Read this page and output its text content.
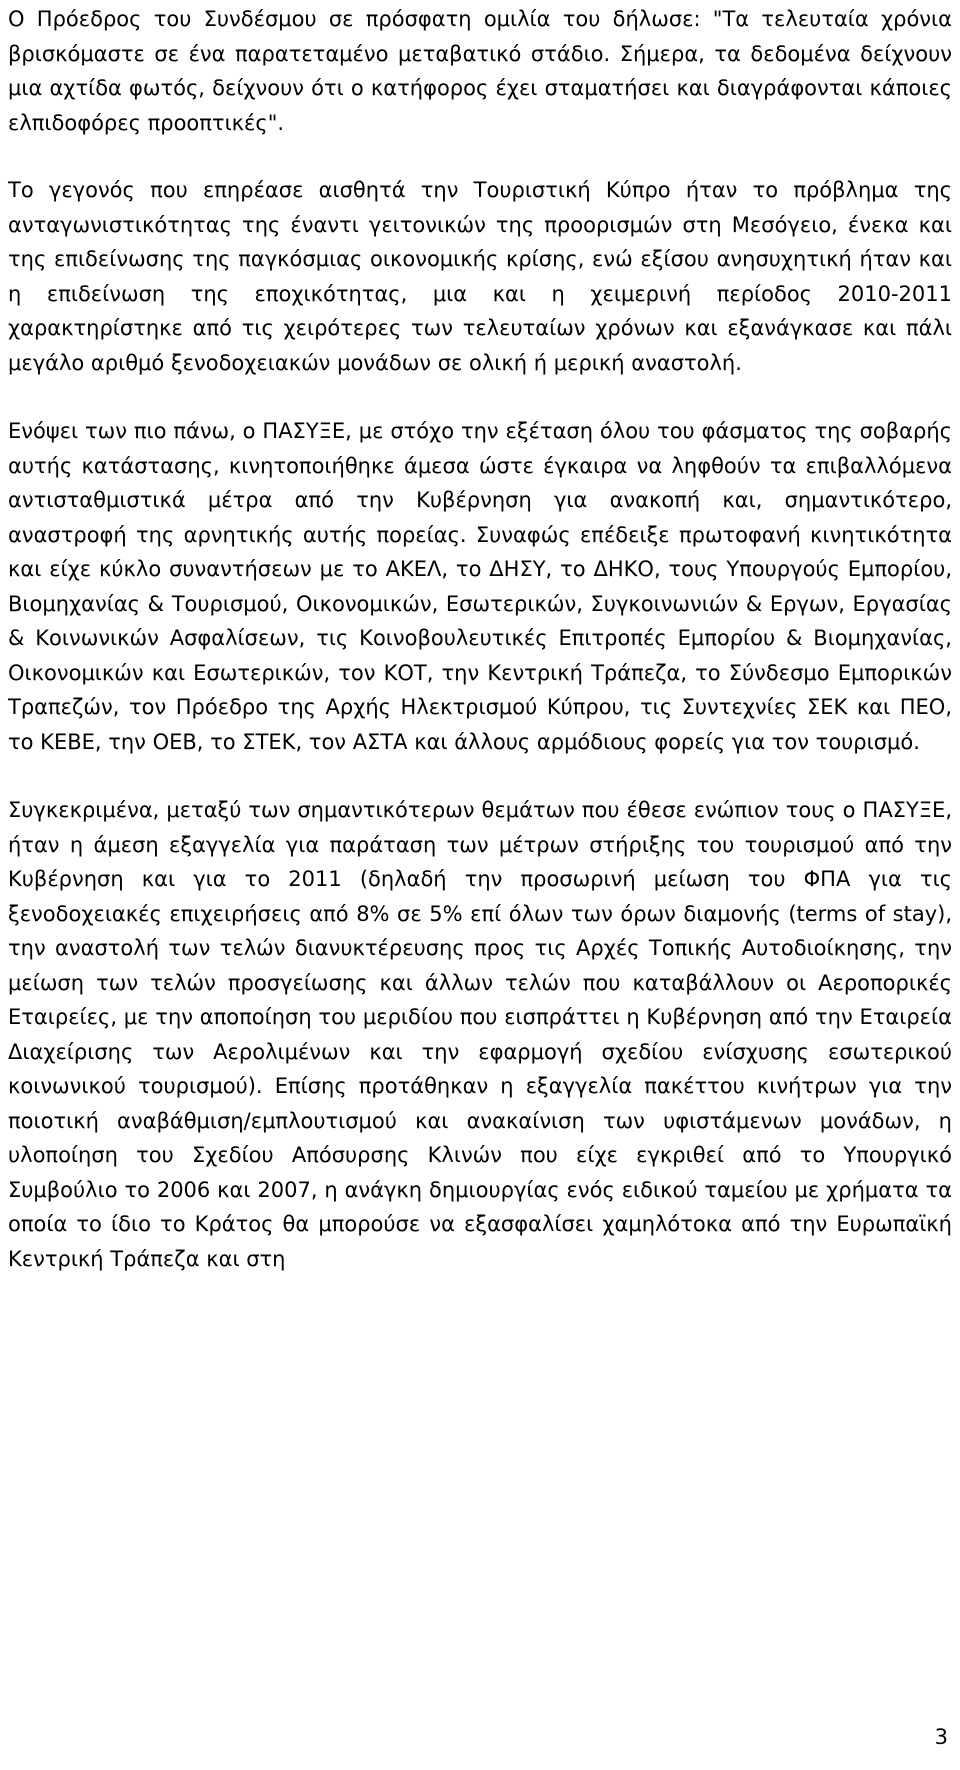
Ο Πρόεδρος του Συνδέσμου σε πρόσφατη ομιλία του δήλωσε: "Τα τελευταία χρόνια βρισκόμαστε σε ένα παρατεταμένο μεταβατικό στάδιο. Σήμερα, τα δεδομένα δείχνουν μια αχτίδα φωτός, δείχνουν ότι ο κατήφορος έχει σταματήσει και διαγράφονται κάποιες ελπιδοφόρες προοπτικές".

Το γεγονός που επηρέασε αισθητά την Τουριστική Κύπρο ήταν το πρόβλημα της ανταγωνιστικότητας της έναντι γειτονικών της προορισμών στη Μεσόγειο, ένεκα και της επιδείνωσης της παγκόσμιας οικονομικής κρίσης, ενώ εξίσου ανησυχητική ήταν και η επιδείνωση της εποχικότητας, μια και η χειμερινή περίοδος 2010-2011 χαρακτηρίστηκε από τις χειρότερες των τελευταίων χρόνων και εξανάγκασε και πάλι μεγάλο αριθμό ξενοδοχειακών μονάδων σε ολική ή μερική αναστολή.

Ενόψει των πιο πάνω, ο ΠΑΣΥΞΕ, με στόχο την εξέταση όλου του φάσματος της σοβαρής αυτής κατάστασης, κινητοποιήθηκε άμεσα ώστε έγκαιρα να ληφθούν τα επιβαλλόμενα αντισταθμιστικά μέτρα από την Κυβέρνηση για ανακοπή και, σημαντικότερο, αναστροφή της αρνητικής αυτής πορείας. Συναφώς επέδειξε πρωτοφανή κινητικότητα και είχε κύκλο συναντήσεων με το ΑΚΕΛ, το ΔΗΣΥ, το ΔΗΚΟ, τους Υπουργούς Εμπορίου, Βιομηχανίας & Τουρισμού, Οικονομικών, Εσωτερικών, Συγκοινωνιών & Εργων, Εργασίας & Κοινωνικών Ασφαλίσεων, τις Κοινοβουλευτικές Επιτροπές Εμπορίου & Βιομηχανίας, Οικονομικών και Εσωτερικών, τον ΚΟΤ, την Κεντρική Τράπεζα, το Σύνδεσμο Εμπορικών Τραπεζών, τον Πρόεδρο της Αρχής Ηλεκτρισμού Κύπρου, τις Συντεχνίες ΣΕΚ και ΠΕΟ, το ΚΕΒΕ, την ΟΕΒ, το ΣΤΕΚ, τον ΑΣΤΑ και άλλους αρμόδιους φορείς για τον τουρισμό.

Συγκεκριμένα, μεταξύ των σημαντικότερων θεμάτων που έθεσε ενώπιον τους ο ΠΑΣΥΞΕ, ήταν η άμεση εξαγγελία για παράταση των μέτρων στήριξης του τουρισμού από την Κυβέρνηση και για το 2011 (δηλαδή την προσωρινή μείωση του ΦΠΑ για τις ξενοδοχειακές επιχειρήσεις από 8% σε 5% επί όλων των όρων διαμονής (terms of stay), την αναστολή των τελών διανυκτέρευσης προς τις Αρχές Τοπικής Αυτοδιοίκησης, την μείωση των τελών προσγείωσης και άλλων τελών που καταβάλλουν οι Αεροπορικές Εταιρείες, με την αποποίηση του μεριδίου που εισπράττει η Κυβέρνηση από την Εταιρεία Διαχείρισης των Αερολιμένων και την εφαρμογή σχεδίου ενίσχυσης εσωτερικού κοινωνικού τουρισμού). Επίσης προτάθηκαν η εξαγγελία πακέττου κινήτρων για την ποιοτική αναβάθμιση/εμπλουτισμού και ανακαίνιση των υφιστάμενων μονάδων, η υλοποίηση του Σχεδίου Απόσυρσης Κλινών που είχε εγκριθεί από το Υπουργικό Συμβούλιο το 2006 και 2007, η ανάγκη δημιουργίας ενός ειδικού ταμείου με χρήματα τα οποία το ίδιο το Κράτος θα μπορούσε να εξασφαλίσει χαμηλότοκα από την Ευρωπαϊκή Κεντρική Τράπεζα και στη

3
